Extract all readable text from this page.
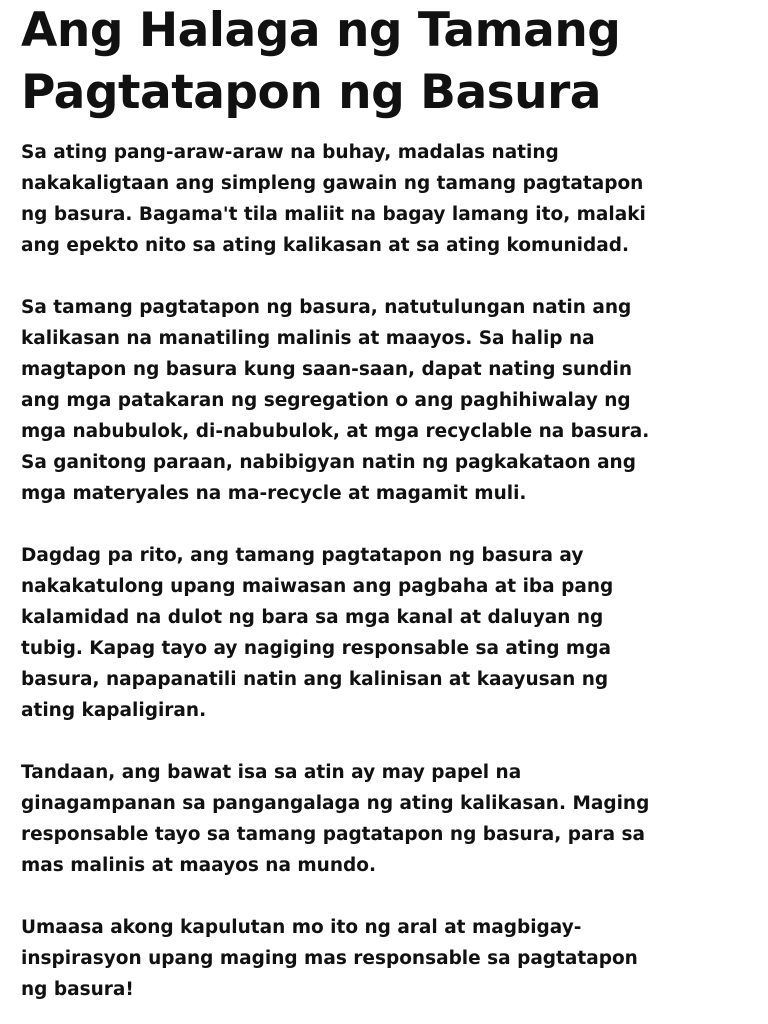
Ang Halaga ng Tamang
Pagtatapon ng Basura

Sa ating pang-araw-araw na buhay, madalas nating
nakakaligtaan ang simpleng gawain ng tamang pagtatapon
ng basura. Bagama't tila maliit na bagay lamang ito, malaki
ang epekto nito sa ating kalikasan at sa ating komunidad.

Sa tamang pagtatapon ng basura, natutulungan natin ang
kalikasan na manatiling malinis at maayos. Sa halip na
magtapon ng basura kung saan-saan, dapat nating sundin
ang mga patakaran ng segregation o ang paghihiwalay ng
mga nabubulok, di-nabubulok, at mga recyclable na basura.
Sa ganitong paraan, nabibigyan natin ng pagkakataon ang
mga materyales na ma-recycle at magamit muli.

Dagdag pa rito, ang tamang pagtatapon ng basura ay
nakakatulong upang maiwasan ang pagbaha at iba pang
kalamidad na dulot ng bara sa mga kanal at daluyan ng
tubig. Kapag tayo ay nagiging responsable sa ating mga
basura, napapanatili natin ang kalinisan at kaayusan ng
ating kapaligiran.

Tandaan, ang bawat isa sa atin ay may papel na
ginagampanan sa pangangalaga ng ating kalikasan. Maging
responsable tayo sa tamang pagtatapon ng basura, para sa
mas malinis at maayos na mundo.

Umaasa akong kapulutan mo ito ng aral at magbigay-
inspirasyon upang maging mas responsable sa pagtatapon
ng basura!
